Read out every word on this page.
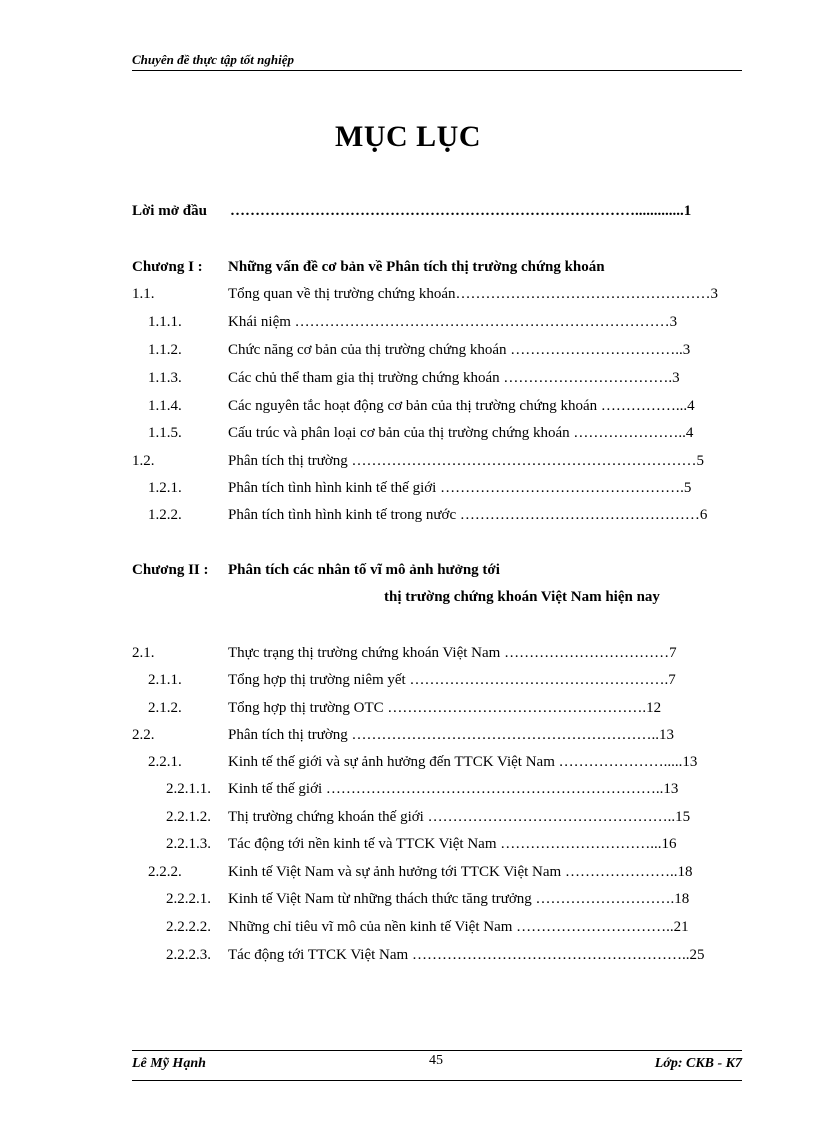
Chuyên đề thực tập tốt nghiệp
MỤC LỤC
Lời mở đầu ……………………………………………………………………….............1
Chương I : Những vấn đề cơ bản về Phân tích thị trường chứng khoán
1.1.	Tổng quan về thị trường chứng khoán……………………………………………3
1.1.1.	Khái niệm …………………………………………………………………3
1.1.2.	Chức năng cơ bản của thị trường chứng khoán ……………………………..3
1.1.3.	Các chủ thể tham gia thị trường chứng khoán …………………………….3
1.1.4.	Các nguyên tắc hoạt động cơ bản của thị trường chứng khoán ……………...4
1.1.5.	Cấu trúc và phân loại cơ bản của thị trường chứng khoán …………………..4
1.2.	Phân tích thị trường ……………………………………………………………5
1.2.1.	Phân tích tình hình kinh tế thế giới ………………………………………….5
1.2.2.	Phân tích tình hình kinh tế trong nước …………………………………………6
Chương II : Phân tích các nhân tố vĩ mô ảnh hưởng tới
thị trường chứng khoán Việt Nam hiện nay
2.1.	Thực trạng thị trường chứng khoán Việt Nam ……………………………7
2.1.1.	Tổng hợp thị trường niêm yết …………………………………………….7
2.1.2.	Tổng hợp thị trường OTC …………………………………………….12
2.2.	Phân tích thị trường ……………………………………………………..13
2.2.1.	Kinh tế thế giới và sự ảnh hưởng đến TTCK Việt Nam ………………….....13
2.2.1.1. Kinh tế thế giới …………………………………………………………..13
2.2.1.2. Thị trường chứng khoán thế giới …………………………………………..15
2.2.1.3. Tác động tới nền kinh tế và TTCK Việt Nam …………………………...16
2.2.2.	Kinh tế Việt Nam và sự ảnh hưởng tới TTCK Việt Nam …………………..18
2.2.2.1. Kinh tế Việt Nam từ những thách thức tăng trưởng ……………………….18
2.2.2.2. Những chỉ tiêu vĩ mô của nền kinh tế Việt Nam …………………………..21
2.2.2.3. Tác động tới TTCK Việt Nam ………………………………………………..25
Lê Mỹ Hạnh	45	Lớp: CKB - K7
